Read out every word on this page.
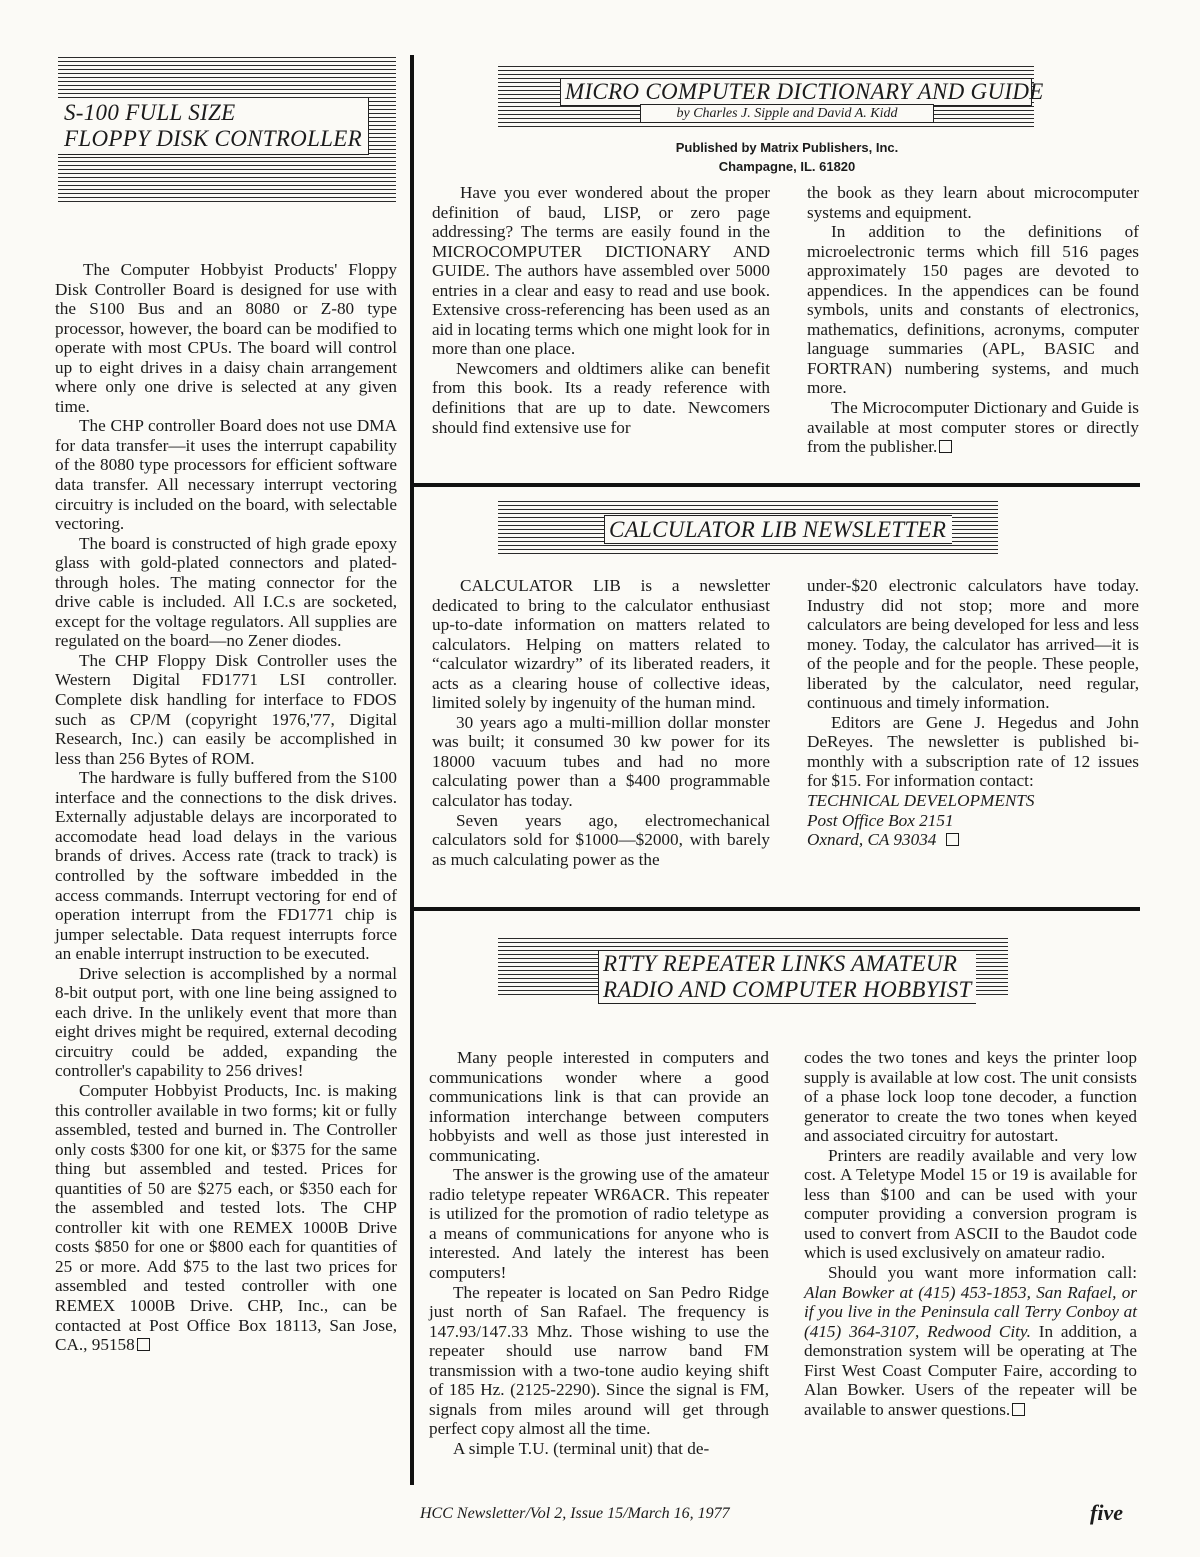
S-100 FULL SIZE
FLOPPY DISK CONTROLLER

The Computer Hobbyist Products' Floppy Disk Controller Board is designed for use with the S100 Bus and an 8080 or Z-80 type processor, however, the board can be modified to operate with most CPUs. The board will control up to eight drives in a daisy chain arrangement where only one drive is selected at any given time.

The CHP controller Board does not use DMA for data transfer—it uses the interrupt capability of the 8080 type processors for efficient software data transfer. All necessary interrupt vectoring circuitry is included on the board, with selectable vectoring.

The board is constructed of high grade epoxy glass with gold-plated connectors and plated-through holes. The mating connector for the drive cable is included. All I.C.s are socketed, except for the voltage regulators. All supplies are regulated on the board—no Zener diodes.

The CHP Floppy Disk Controller uses the Western Digital FD1771 LSI controller. Complete disk handling for interface to FDOS such as CP/M (copyright 1976,'77, Digital Research, Inc.) can easily be accomplished in less than 256 Bytes of ROM.

The hardware is fully buffered from the S100 interface and the connections to the disk drives. Externally adjustable delays are incorporated to accomodate head load delays in the various brands of drives. Access rate (track to track) is controlled by the software imbedded in the access commands. Interrupt vectoring for end of operation interrupt from the FD1771 chip is jumper selectable. Data request interrupts force an enable interrupt instruction to be executed.

Drive selection is accomplished by a normal 8-bit output port, with one line being assigned to each drive. In the unlikely event that more than eight drives might be required, external decoding circuitry could be added, expanding the controller's capability to 256 drives!

Computer Hobbyist Products, Inc. is making this controller available in two forms; kit or fully assembled, tested and burned in. The Controller only costs $300 for one kit, or $375 for the same thing but assembled and tested. Prices for quantities of 50 are $275 each, or $350 each for the assembled and tested lots. The CHP controller kit with one REMEX 1000B Drive costs $850 for one or $800 each for quantities of 25 or more. Add $75 to the last two prices for assembled and tested controller with one REMEX 1000B Drive. CHP, Inc., can be contacted at Post Office Box 18113, San Jose, CA., 95158

MICRO COMPUTER DICTIONARY AND GUIDE
by Charles J. Sipple and David A. Kidd
Published by Matrix Publishers, Inc.
Champagne, IL. 61820

Have you ever wondered about the proper definition of baud, LISP, or zero page addressing? The terms are easily found in the MICROCOMPUTER DICTIONARY AND GUIDE. The authors have assembled over 5000 entries in a clear and easy to read and use book. Extensive cross-referencing has been used as an aid in locating terms which one might look for in more than one place.

Newcomers and oldtimers alike can benefit from this book. Its a ready reference with definitions that are up to date. Newcomers should find extensive use for

the book as they learn about microcomputer systems and equipment.

In addition to the definitions of microelectronic terms which fill 516 pages approximately 150 pages are devoted to appendices. In the appendices can be found symbols, units and constants of electronics, mathematics, definitions, acronyms, computer language summaries (APL, BASIC and FORTRAN) numbering systems, and much more.

The Microcomputer Dictionary and Guide is available at most computer stores or directly from the publisher.

CALCULATOR LIB NEWSLETTER

CALCULATOR LIB is a newsletter dedicated to bring to the calculator enthusiast up-to-date information on matters related to calculators. Helping on matters related to “calculator wizardry” of its liberated readers, it acts as a clearing house of collective ideas, limited solely by ingenuity of the human mind.

30 years ago a multi-million dollar monster was built; it consumed 30 kw power for its 18000 vacuum tubes and had no more calculating power than a $400 programmable calculator has today.

Seven years ago, electromechanical calculators sold for $1000—$2000, with barely as much calculating power as the

under-$20 electronic calculators have today. Industry did not stop; more and more calculators are being developed for less and less money. Today, the calculator has arrived—it is of the people and for the people. These people, liberated by the calculator, need regular, continuous and timely information.

Editors are Gene J. Hegedus and John DeReyes. The newsletter is published bi-monthly with a subscription rate of 12 issues for $15. For information contact:

TECHNICAL DEVELOPMENTS
Post Office Box 2151
Oxnard, CA 93034
RTTY REPEATER LINKS AMATEUR
RADIO AND COMPUTER HOBBYIST

Many people interested in computers and communications wonder where a good communications link is that can provide an information interchange between computers hobbyists and well as those just interested in communicating.

The answer is the growing use of the amateur radio teletype repeater WR6ACR. This repeater is utilized for the promotion of radio teletype as a means of communications for anyone who is interested. And lately the interest has been computers!

The repeater is located on San Pedro Ridge just north of San Rafael. The frequency is 147.93/147.33 Mhz. Those wishing to use the repeater should use narrow band FM transmission with a two-tone audio keying shift of 185 Hz. (2125-2290). Since the signal is FM, signals from miles around will get through perfect copy almost all the time.

A simple T.U. (terminal unit) that de-

codes the two tones and keys the printer loop supply is available at low cost. The unit consists of a phase lock loop tone decoder, a function generator to create the two tones when keyed and associated circuitry for autostart.

Printers are readily available and very low cost. A Teletype Model 15 or 19 is available for less than $100 and can be used with your computer providing a conversion program is used to convert from ASCII to the Baudot code which is used exclusively on amateur radio.

Should you want more information call: Alan Bowker at (415) 453-1853, San Rafael, or if you live in the Peninsula call Terry Conboy at (415) 364-3107, Redwood City. In addition, a demonstration system will be operating at The First West Coast Computer Faire, according to Alan Bowker. Users of the repeater will be available to answer questions.

HCC Newsletter/Vol 2, Issue 15/March 16, 1977	five
